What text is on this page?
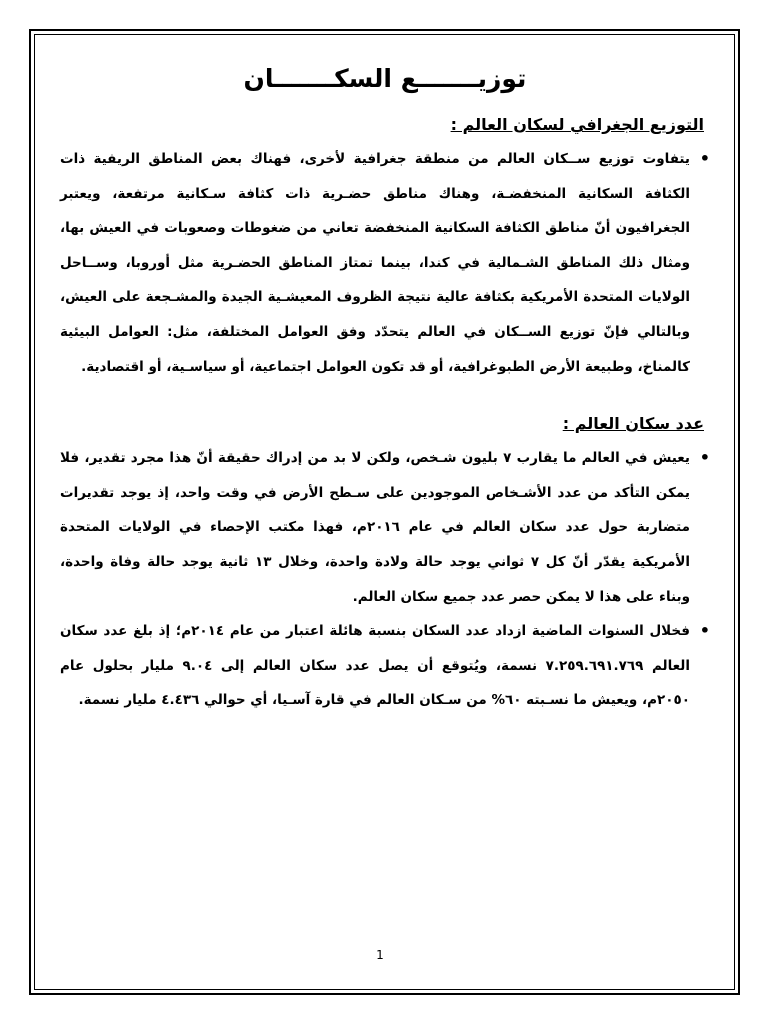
توزيـــــــع السكـــــــان
التوزيع الجغرافي لسكان العالم :
•
يتفاوت توزيع ســكان العالم من منطقة جغرافية لأخرى، فهناك بعض المناطق الريفية ذات الكثافة السكانية المنخفضـة، وهناك مناطق حضـرية ذات كثافة سـكانية مرتفعة، ويعتبر الجغرافيون أنّ مناطق الكثافة السكانية المنخفضة تعاني من ضغوطات وصعوبات في العيش بها، ومثال ذلك المناطق الشـمالية في كندا، بينما تمتاز المناطق الحضـرية مثل أوروبا، وســاحل الولايات المتحدة الأمريكية بكثافة عالية نتيجة الظروف المعيشـية الجيدة والمشـجعة على العيش، وبالتالي فإنّ توزيع الســكان في العالم يتحدّد وفق العوامل المختلفة، مثل: العوامل البيئية كالمناخ، وطبيعة الأرض الطبوغرافية، أو قد تكون العوامل اجتماعية، أو سياسـية، أو اقتصادية.
عدد سكان العالم :
•
يعيش في العالم ما يقارب ٧ بليون شـخص، ولكن لا بد من إدراك حقيقة أنّ هذا مجرد تقدير، فلا يمكن التأكد من عدد الأشـخاص الموجودين على سـطح الأرض في وقت واحد، إذ يوجد تقديرات متضاربة حول عدد سكان العالم في عام ٢٠١٦م، فهذا مكتب الإحصاء في الولايات المتحدة الأمريكية يقدّر أنّ كل ٧ ثواني يوجد حالة ولادة واحدة، وخلال ١٣ ثانية يوجد حالة وفاة واحدة، وبناء على هذا لا يمكن حصر عدد جميع سكان العالم.
•
فخلال السنوات الماضية ازداد عدد السكان بنسبة هائلة اعتبار من عام ٢٠١٤م؛ إذ بلغ عدد سكان العالم ٧.٢٥٩.٦٩١.٧٦٩ نسمة، ويُتوقع أن يصل عدد سكان العالم إلى ٩.٠٤ مليار بحلول عام ٢٠٥٠م، ويعيش ما نسـبته ٦٠% من سـكان العالم في قارة آسـيا، أي حوالي ٤.٤٣٦ مليار نسمة.
1
